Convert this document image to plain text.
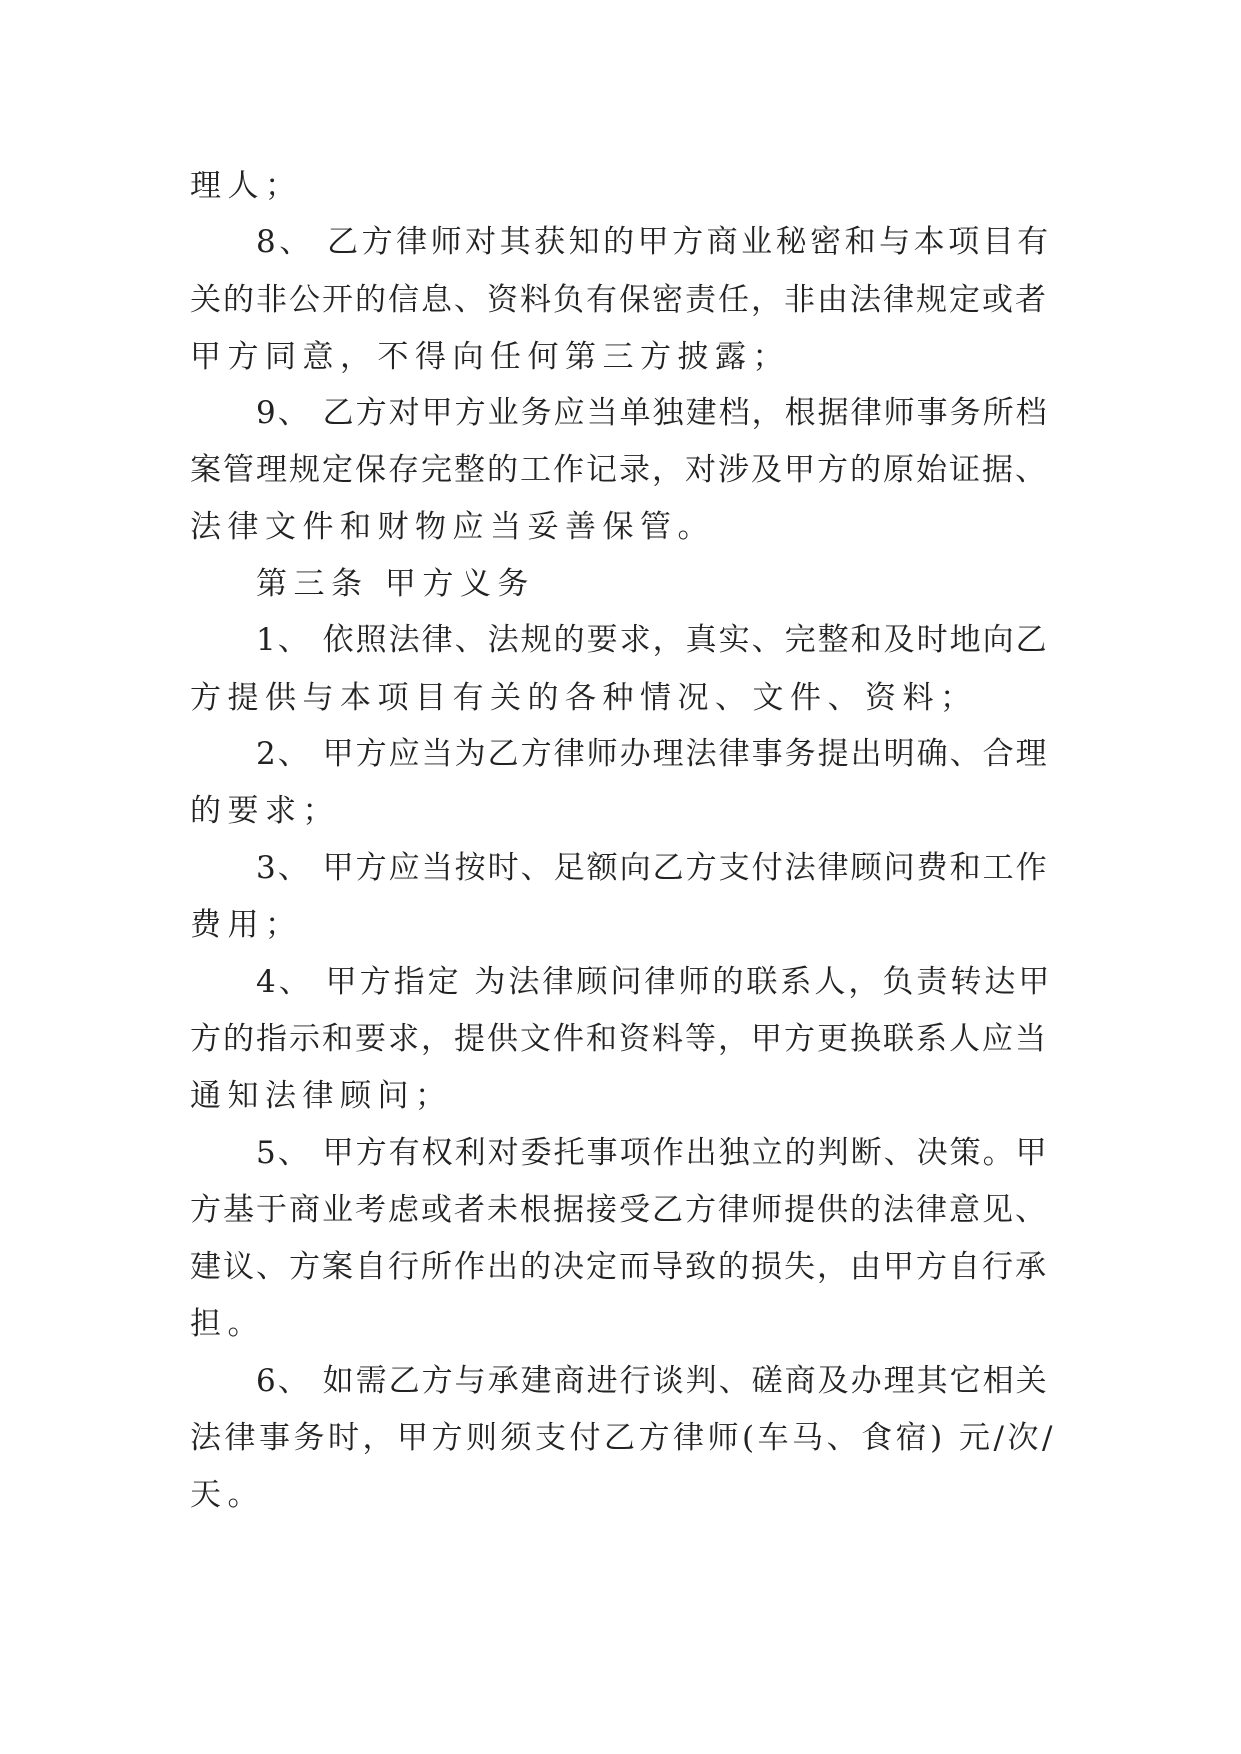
理人；
8、 乙方律师对其获知的甲方商业秘密和与本项目有
关的非公开的信息、资料负有保密责任，非由法律规定或者
甲方同意，不得向任何第三方披露；
9、 乙方对甲方业务应当单独建档，根据律师事务所档
案管理规定保存完整的工作记录，对涉及甲方的原始证据、
法律文件和财物应当妥善保管。
第三条 甲方义务
1、 依照法律、法规的要求，真实、完整和及时地向乙
方提供与本项目有关的各种情况、文件、资料；
2、 甲方应当为乙方律师办理法律事务提出明确、合理
的要求；
3、 甲方应当按时、足额向乙方支付法律顾问费和工作
费用；
4、 甲方指定 为法律顾问律师的联系人，负责转达甲
方的指示和要求，提供文件和资料等，甲方更换联系人应当
通知法律顾问；
5、 甲方有权利对委托事项作出独立的判断、决策。甲
方基于商业考虑或者未根据接受乙方律师提供的法律意见、
建议、方案自行所作出的决定而导致的损失，由甲方自行承
担。
6、 如需乙方与承建商进行谈判、磋商及办理其它相关
法律事务时，甲方则须支付乙方律师(车马、食宿) 元/次/
天。
